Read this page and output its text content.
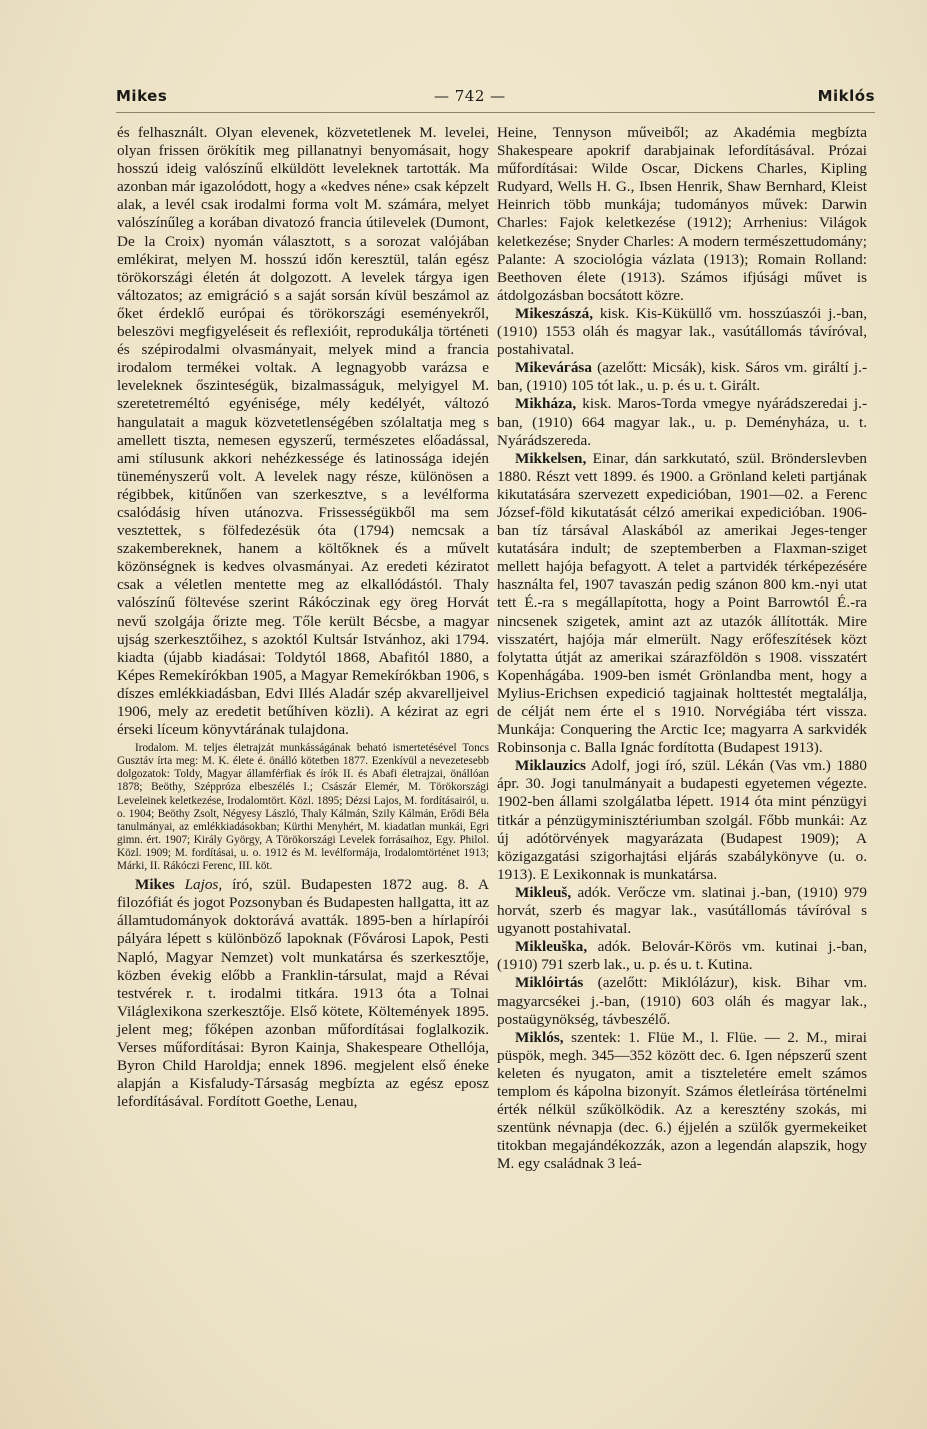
Mikes	— 742 —	Miklós

és felhasznált. Olyan elevenek, közvetetlenek M. levelei, olyan frissen örökítik meg pillanatnyi benyomásait, hogy hosszú ideig valószínű elküldött leveleknek tartották. Ma azonban már igazolódott, hogy a «kedves néne» csak képzelt alak, a levél csak irodalmi forma volt M. számára, melyet valószínűleg a korában divatozó francia útilevelek (Dumont, De la Croix) nyomán választott, s a sorozat valójában emlékirat, melyen M. hosszú időn keresztül, talán egész törökországi életén át dolgozott. A levelek tárgya igen változatos; az emigráció s a saját sorsán kívül beszámol az őket érdeklő európai és törökországi eseményekről, beleszövi megfigyeléseit és reflexióit, reprodukálja történeti és szépirodalmi olvasmányait, melyek mind a francia irodalom termékei voltak. A legnagyobb varázsa e leveleknek őszinteségük, bizalmasságuk, melyigyel M. szeretetreméltó egyénisége, mély kedélyét, változó hangulatait a maguk közvetetlenségében szólaltatja meg s amellett tiszta, nemesen egyszerű, természetes előadással, ami stílusunk akkori nehézkessége és latinossága idején tüneményszerű volt. A levelek nagy része, különösen a régibbek, kitűnően van szerkesztve, s a levélforma csalódásig híven utánozva. Frissességükből ma sem vesztettek, s fölfedezésük óta (1794) nemcsak a szakembereknek, hanem a költőknek és a művelt közönségnek is kedves olvasmányai. Az eredeti kéziratot csak a véletlen mentette meg az elkallódástól. Thaly valószínű föltevése szerint Rákóczinak egy öreg Horvát nevű szolgája őrizte meg. Tőle került Bécsbe, a magyar ujság szerkesztőihez, s azoktól Kultsár Istvánhoz, aki 1794. kiadta (újabb kiadásai: Toldytól 1868, Abafitól 1880, a Képes Remekírókban 1905, a Magyar Remekírókban 1906, s díszes emlékkiadásban, Edvi Illés Aladár szép akvarelljeivel 1906, mely az eredetit betűhíven közli). A kézirat az egri érseki líceum könyvtárának tulajdona.

Irodalom. M. teljes életrajzát munkásságának beható ismertetésével Toncs Gusztáv írta meg: M. K. élete é. önálló kötetben 1877. Ezenkívül a nevezetesebb dolgozatok: Toldy, Magyar államférfiak és írók II. és Abafi életrajzai, önállóan 1878; Beöthy, Széppróza elbeszélés I.; Császár Elemér, M. Törökországi Leveleinek keletkezése, Irodalomtört. Közl. 1895; Dézsi Lajos, M. fordításairól, u. o. 1904; Beöthy Zsolt, Négyesy László, Thaly Kálmán, Szily Kálmán, Erődi Béla tanulmányai, az emlékkiadásokban; Kürthi Menyhért, M. kiadatlan munkái, Egri gimn. ért. 1907; Király György, A Törökországi Levelek forrásaihoz, Egy. Philol. Közl. 1909; M. fordításai, u. o. 1912 és M. levélformája, Irodalomtörténet 1913; Márki, II. Rákóczi Ferenc, III. köt.

Mikes Lajos, író, szül. Budapesten 1872 aug. 8. A filozófiát és jogot Pozsonyban és Budapesten hallgatta, itt az államtudományok doktorává avatták. 1895-ben a hírlapírói pályára lépett s különböző lapoknak (Fővárosi Lapok, Pesti Napló, Magyar Nemzet) volt munkatársa és szerkesztője, közben évekig előbb a Franklin-társulat, majd a Révai testvérek r. t. irodalmi titkára. 1913 óta a Tolnai Világlexikona szerkesztője. Első kötete, Költemények 1895. jelent meg; főképen azonban műfordításai foglalkozik. Verses műfordításai: Byron Kainja, Shakespeare Othellója, Byron Child Haroldja; ennek 1896. megjelent első éneke alapján a Kisfaludy-Társaság megbízta az egész eposz lefordításával. Fordított Goethe, Lenau,

Heine, Tennyson műveiből; az Akadémia megbízta Shakespeare apokrif darabjainak lefordításával. Prózai műfordításai: Wilde Oscar, Dickens Charles, Kipling Rudyard, Wells H. G., Ibsen Henrik, Shaw Bernhard, Kleist Heinrich több munkája; tudományos művek: Darwin Charles: Fajok keletkezése (1912); Arrhenius: Világok keletkezése; Snyder Charles: A modern természettudomány; Palante: A szociológia vázlata (1913); Romain Rolland: Beethoven élete (1913). Számos ifjúsági művet is átdolgozásban bocsátott közre.

Mikeszászá, kisk. Kis-Küküllő vm. hosszúaszói j.-ban, (1910) 1553 oláh és magyar lak., vasútállomás távíróval, postahivatal.

Mikeváгása (azelőtt: Micsák), kisk. Sáros vm. giráltí j.-ban, (1910) 105 tót lak., u. p. és u. t. Girált.

Mikháza, kisk. Maros-Torda vmegye nyárádszeredai j.-ban, (1910) 664 magyar lak., u. p. Deményháza, u. t. Nyárádszereda.

Mikkelsen, Einar, dán sarkkutató, szül. Brönderslevben 1880. Részt vett 1899. és 1900. a Grönland keleti partjának kikutatására szervezett expedicióban, 1901—02. a Ferenc József-föld kikutatását célzó amerikai expedicióban. 1906-ban tíz társával Alaskából az amerikai Jeges-tenger kutatására indult; de szeptemberben a Flaxman-sziget mellett hajója befagyott. A telet a partvidék térképezésére használta fel, 1907 tavaszán pedig szánon 800 km.-nyi utat tett É.-ra s megállapította, hogy a Point Barrowtól É.-ra nincsenek szigetek, amint azt az utazók állították. Mire visszatért, hajója már elmerült. Nagy erőfeszítések közt folytatta útját az amerikai szárazföldön s 1908. visszatért Kopenhágába. 1909-ben ismét Grönlandba ment, hogy a Mylius-Erichsen expedició tagjainak holttestét megtalálja, de célját nem érte el s 1910. Norvégiába tért vissza. Munkája: Conquering the Arctic Ice; magyarra A sarkvidék Robinsonja c. Balla Ignác fordította (Budapest 1913).

Miklauzics Adolf, jogi író, szül. Lékán (Vas vm.) 1880 ápr. 30. Jogi tanulmányait a budapesti egyetemen végezte. 1902-ben állami szolgálatba lépett. 1914 óta mint pénzügyi titkár a pénzügyminisztériumban szolgál. Főbb munkái: Az új adótörvények magyarázata (Budapest 1909); A közigazgatási szigorhajtási eljárás szabálykönyve (u. o. 1913). E Lexikonnak is munkatársa.

Mikleuš, adók. Verőcze vm. slatinai j.-ban, (1910) 979 horvát, szerb és magyar lak., vasútállomás távíróval s ugyanott postahivatal.

Mikleuška, adók. Belovár-Körös vm. kutinai j.-ban, (1910) 791 szerb lak., u. p. és u. t. Kutina.

Miklóirtás (azelőtt: Miklólázur), kisk. Bihar vm. magyarcsékei j.-ban, (1910) 603 oláh és magyar lak., postaügynökség, távbeszélő.

Miklós, szentek: 1. Flüe M., l. Flüe. — 2. M., mirai püspök, megh. 345—352 között dec. 6. Igen népszerű szent keleten és nyugaton, amit a tiszteletére emelt számos templom és kápolna bizonyít. Számos életleírása történelmi érték nélkül szűkölködik. Az a keresztény szokás, mi szentünk névnapja (dec. 6.) éjjelén a szülők gyermekeiket titokban megajándékozzák, azon a legendán alapszik, hogy M. egy családnak 3 leá-
